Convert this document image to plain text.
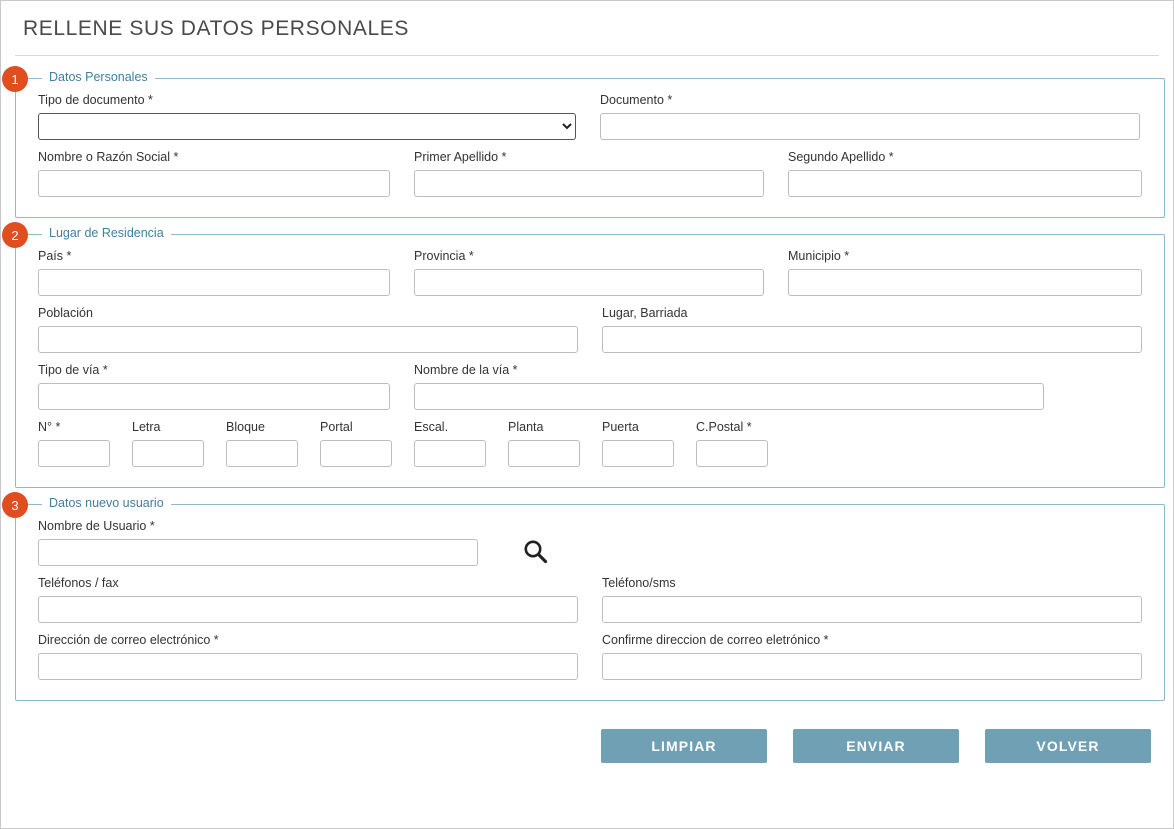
RELLENE SUS DATOS PERSONALES
1	Datos Personales
Tipo de documento *	Documento *
Nombre o Razón Social *	Primer Apellido *	Segundo Apellido *
2	Lugar de Residencia
País *	Provincia *	Municipio *
Población	Lugar, Barriada
Tipo de vía *	Nombre de la vía *
N° *	Letra	Bloque	Portal	Escal.	Planta	Puerta	C.Postal *
3	Datos nuevo usuario
Nombre de Usuario *
Teléfonos / fax	Teléfono/sms
Dirección de correo electrónico *	Confirme direccion de correo eletrónico *
LIMPIAR	ENVIAR	VOLVER
